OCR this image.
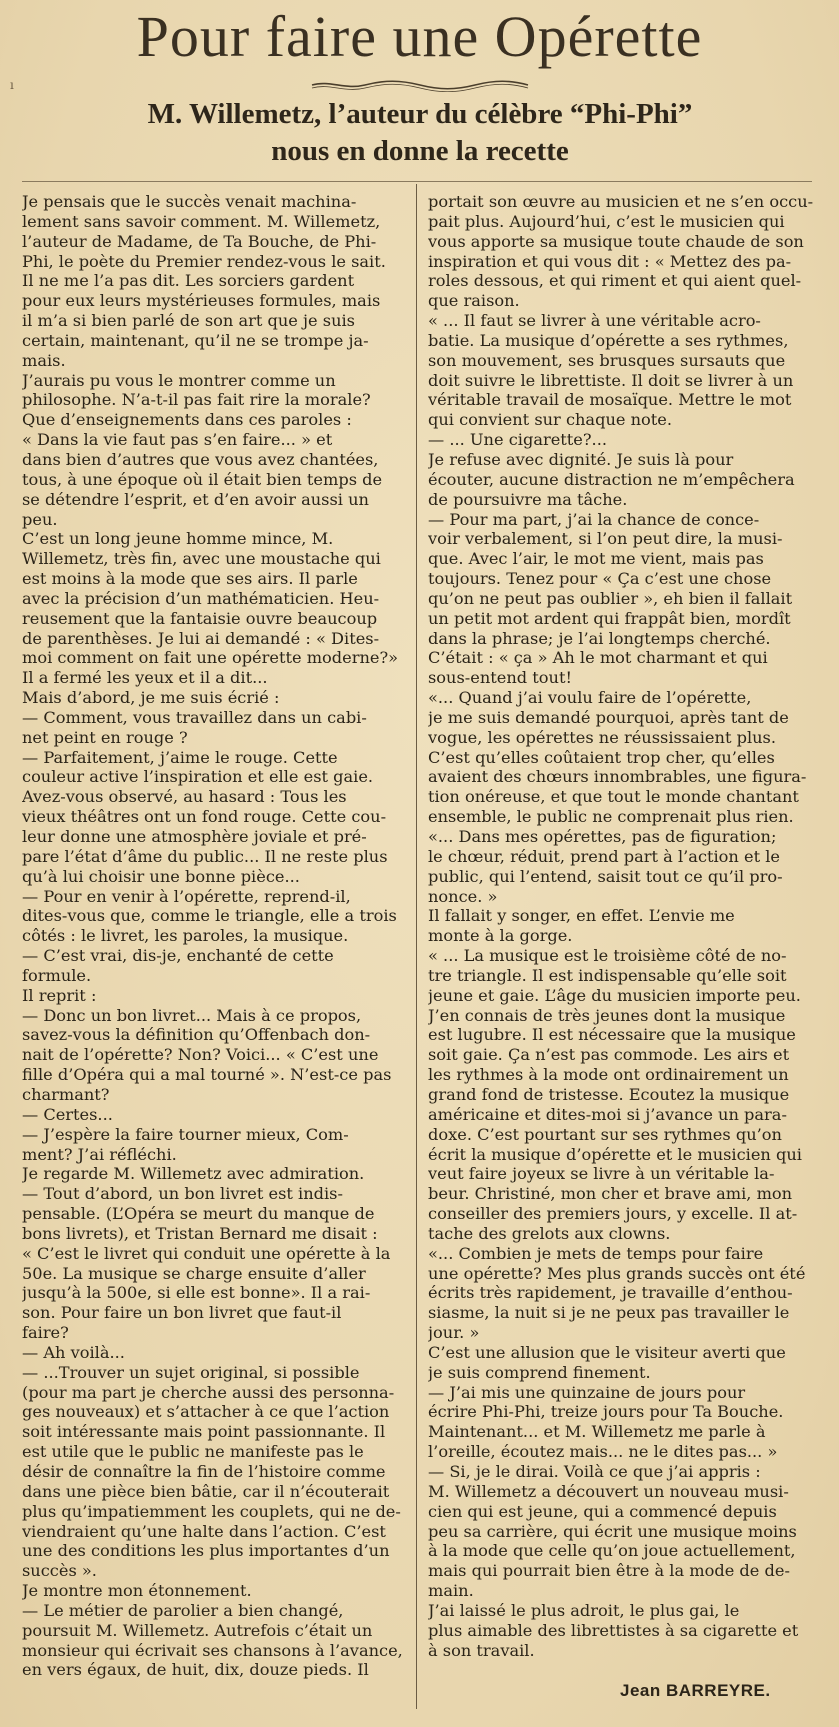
ı
Pour faire une Opérette
M. Willemetz, l’auteur du célèbre “Phi-Phi”
nous en donne la recette
Je pensais que le succès venait machina-
lement sans savoir comment. M. Willemetz,
l’auteur de Madame, de Ta Bouche, de Phi-
Phi, le poète du Premier rendez-vous le sait.
Il ne me l’a pas dit. Les sorciers gardent
pour eux leurs mystérieuses formules, mais
il m’a si bien parlé de son art que je suis
certain, maintenant, qu’il ne se trompe ja-
mais.
J’aurais pu vous le montrer comme un
philosophe. N’a-t-il pas fait rire la morale?
Que d’enseignements dans ces paroles :
« Dans la vie faut pas s’en faire... » et
dans bien d’autres que vous avez chantées,
tous, à une époque où il était bien temps de
se détendre l’esprit, et d’en avoir aussi un
peu.
C’est un long jeune homme mince, M.
Willemetz, très fin, avec une moustache qui
est moins à la mode que ses airs. Il parle
avec la précision d’un mathématicien. Heu-
reusement que la fantaisie ouvre beaucoup
de parenthèses. Je lui ai demandé : « Dites-
moi comment on fait une opérette moderne?»
Il a fermé les yeux et il a dit...
Mais d’abord, je me suis écrié :
— Comment, vous travaillez dans un cabi-
net peint en rouge ?
— Parfaitement, j’aime le rouge. Cette
couleur active l’inspiration et elle est gaie.
Avez-vous observé, au hasard : Tous les
vieux théâtres ont un fond rouge. Cette cou-
leur donne une atmosphère joviale et pré-
pare l’état d’âme du public... Il ne reste plus
qu’à lui choisir une bonne pièce...
— Pour en venir à l’opérette, reprend-il,
dites-vous que, comme le triangle, elle a trois
côtés : le livret, les paroles, la musique.
— C’est vrai, dis-je, enchanté de cette
formule.
Il reprit :
— Donc un bon livret... Mais à ce propos,
savez-vous la définition qu’Offenbach don-
nait de l’opérette? Non? Voici... « C’est une
fille d’Opéra qui a mal tourné ». N’est-ce pas
charmant?
— Certes...
— J’espère la faire tourner mieux, Com-
ment? J’ai réfléchi.
Je regarde M. Willemetz avec admiration.
— Tout d’abord, un bon livret est indis-
pensable. (L’Opéra se meurt du manque de
bons livrets), et Tristan Bernard me disait :
« C’est le livret qui conduit une opérette à la
50e. La musique se charge ensuite d’aller
jusqu’à la 500e, si elle est bonne». Il a rai-
son. Pour faire un bon livret que faut-il
faire?
— Ah voilà...
— ...Trouver un sujet original, si possible
(pour ma part je cherche aussi des personna-
ges nouveaux) et s’attacher à ce que l’action
soit intéressante mais point passionnante. Il
est utile que le public ne manifeste pas le
désir de connaître la fin de l’histoire comme
dans une pièce bien bâtie, car il n’écouterait
plus qu’impatiemment les couplets, qui ne de-
viendraient qu’une halte dans l’action. C’est
une des conditions les plus importantes d’un
succès ».
Je montre mon étonnement.
— Le métier de parolier a bien changé,
poursuit M. Willemetz. Autrefois c’était un
monsieur qui écrivait ses chansons à l’avance,
en vers égaux, de huit, dix, douze pieds. Il
portait son œuvre au musicien et ne s’en occu-
pait plus. Aujourd’hui, c’est le musicien qui
vous apporte sa musique toute chaude de son
inspiration et qui vous dit : « Mettez des pa-
roles dessous, et qui riment et qui aient quel-
que raison.
« ... Il faut se livrer à une véritable acro-
batie. La musique d’opérette a ses rythmes,
son mouvement, ses brusques sursauts que
doit suivre le librettiste. Il doit se livrer à un
véritable travail de mosaïque. Mettre le mot
qui convient sur chaque note.
— ... Une cigarette?...
Je refuse avec dignité. Je suis là pour
écouter, aucune distraction ne m’empêchera
de poursuivre ma tâche.
— Pour ma part, j’ai la chance de conce-
voir verbalement, si l’on peut dire, la musi-
que. Avec l’air, le mot me vient, mais pas
toujours. Tenez pour « Ça c’est une chose
qu’on ne peut pas oublier », eh bien il fallait
un petit mot ardent qui frappât bien, mordît
dans la phrase; je l’ai longtemps cherché.
C’était : « ça » Ah le mot charmant et qui
sous-entend tout!
«... Quand j’ai voulu faire de l’opérette,
je me suis demandé pourquoi, après tant de
vogue, les opérettes ne réussissaient plus.
C’est qu’elles coûtaient trop cher, qu’elles
avaient des chœurs innombrables, une figura-
tion onéreuse, et que tout le monde chantant
ensemble, le public ne comprenait plus rien.
«... Dans mes opérettes, pas de figuration;
le chœur, réduit, prend part à l’action et le
public, qui l’entend, saisit tout ce qu’il pro-
nonce. »
Il fallait y songer, en effet. L’envie me
monte à la gorge.
« ... La musique est le troisième côté de no-
tre triangle. Il est indispensable qu’elle soit
jeune et gaie. L’âge du musicien importe peu.
J’en connais de très jeunes dont la musique
est lugubre. Il est nécessaire que la musique
soit gaie. Ça n’est pas commode. Les airs et
les rythmes à la mode ont ordinairement un
grand fond de tristesse. Ecoutez la musique
américaine et dites-moi si j’avance un para-
doxe. C’est pourtant sur ses rythmes qu’on
écrit la musique d’opérette et le musicien qui
veut faire joyeux se livre à un véritable la-
beur. Christiné, mon cher et brave ami, mon
conseiller des premiers jours, y excelle. Il at-
tache des grelots aux clowns.
«... Combien je mets de temps pour faire
une opérette? Mes plus grands succès ont été
écrits très rapidement, je travaille d’enthou-
siasme, la nuit si je ne peux pas travailler le
jour. »
C’est une allusion que le visiteur averti que
je suis comprend finement.
— J’ai mis une quinzaine de jours pour
écrire Phi-Phi, treize jours pour Ta Bouche.
Maintenant... et M. Willemetz me parle à
l’oreille, écoutez mais... ne le dites pas... »
— Si, je le dirai. Voilà ce que j’ai appris :
M. Willemetz a découvert un nouveau musi-
cien qui est jeune, qui a commencé depuis
peu sa carrière, qui écrit une musique moins
à la mode que celle qu’on joue actuellement,
mais qui pourrait bien être à la mode de de-
main.
J’ai laissé le plus adroit, le plus gai, le
plus aimable des librettistes à sa cigarette et
à son travail.
Jean BARREYRE.
